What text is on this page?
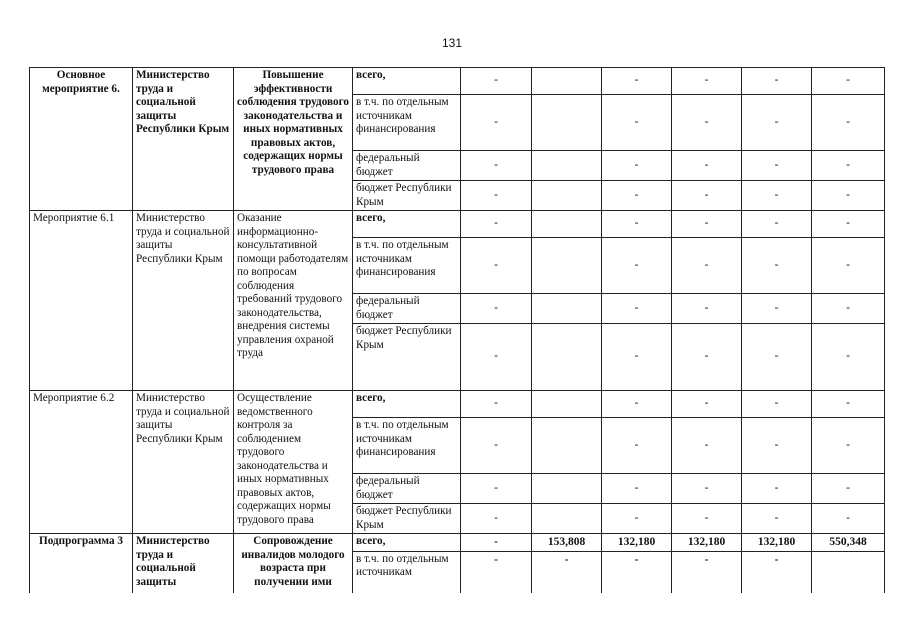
131
Основное мероприятие 6.	Министерство труда и социальной защиты Республики Крым	Повышение эффективности соблюдения трудового законодательства и иных нормативных правовых актов, содержащих нормы трудового права	всего,	-		-	-	-	-
			в т.ч. по отдельным источникам финансирования	-		-	-	-	-
			федеральный бюджет	-		-	-	-	-
			бюджет Республики Крым	-		-	-	-	-
Мероприятие 6.1	Министерство труда и социальной защиты Республики Крым	Оказание информационно-консультативной помощи работодателям по вопросам соблюдения требований трудового законодательства, внедрения системы управления охраной труда	всего,	-		-	-	-	-
			в т.ч. по отдельным источникам финансирования	-		-	-	-	-
			федеральный бюджет	-		-	-	-	-
			бюджет Республики Крым	-		-	-	-	-
Мероприятие 6.2	Министерство труда и социальной защиты Республики Крым	Осуществление ведомственного контроля за соблюдением трудового законодательства и иных нормативных правовых актов, содержащих нормы трудового права	всего,	-		-	-	-	-
			в т.ч. по отдельным источникам финансирования	-		-	-	-	-
			федеральный бюджет	-		-	-	-	-
			бюджет Республики Крым	-		-	-	-	-
Подпрограмма 3	Министерство труда и социальной защиты	Сопровождение инвалидов молодого возраста при получении ими	всего,	-	153,808	132,180	132,180	132,180	550,348
			в т.ч. по отдельным источникам	-	-	-	-	-	
